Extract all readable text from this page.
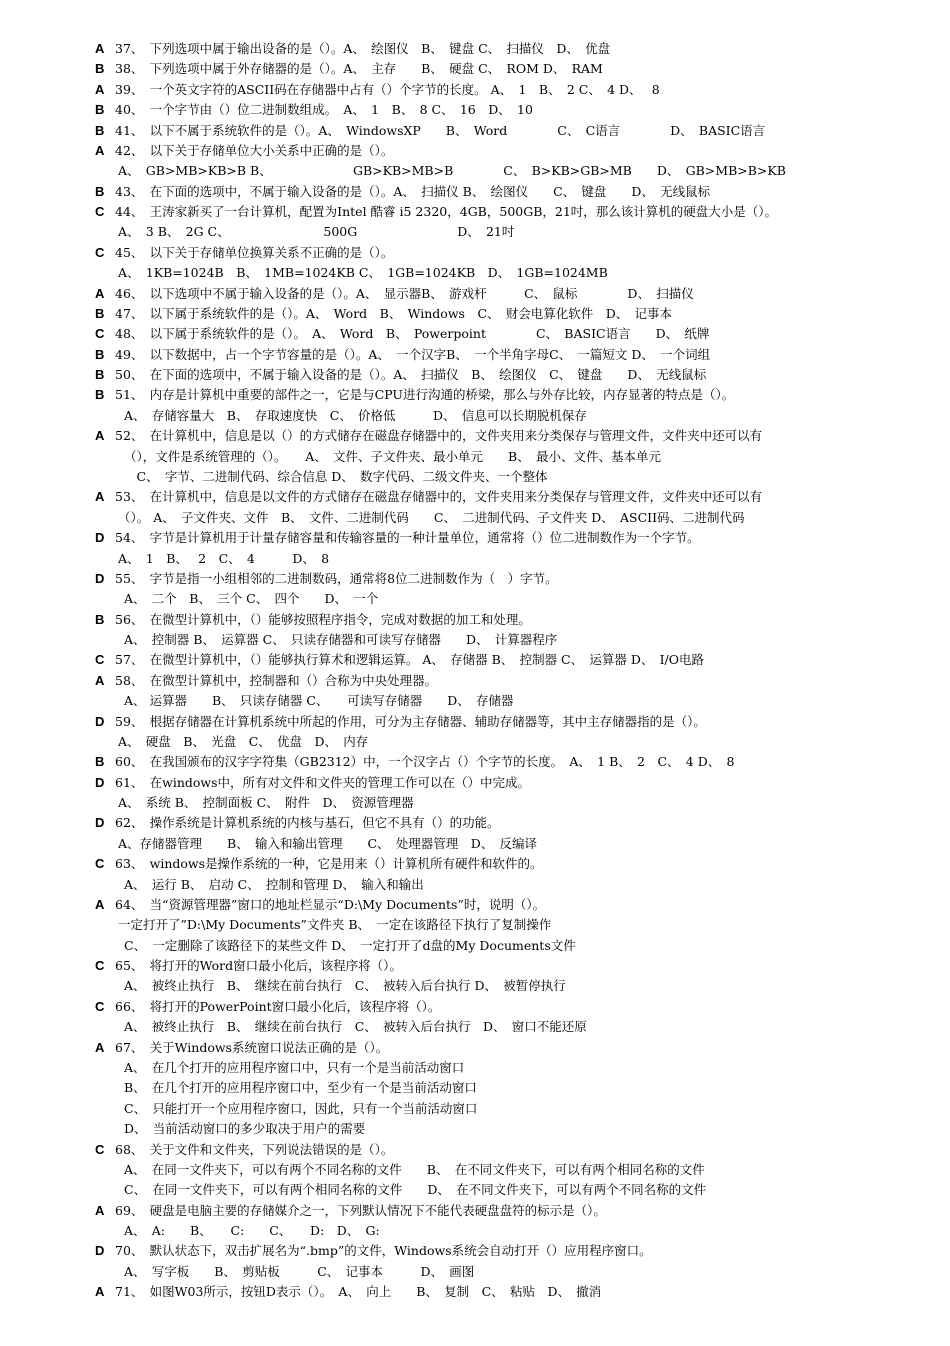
A 37、　下列选项中属于输出设备的是（）。A、　绘图仪　B、　键盘 C、　扫描仪　D、　优盘
B 38、　下列选项中属于外存储器的是（）。A、　主存　　B、　硬盘 C、　ROM D、　RAM
A 39、　一个英文字符的ASCII码在存储器中占有（）个字节的长度。 A、　1　B、　2 C、　4 D、　 8
B 40、　一个字节由（）位二进制数组成。　A、　1　B、　8 C、　16　D、　10
B 41、　以下不属于系统软件的是（）。A、　WindowsXP　　B、　Word　　　　C、　C语言　　　　D、　BASIC语言
A 42、　以下关于存储单位大小关系中正确的是（）。
A、　GB>MB>KB>B B、　　　　　　　GB>KB>MB>B　　　　C、　B>KB>GB>MB　　D、　GB>MB>B>KB
B 43、　在下面的选项中，不属于输入设备的是（）。A、　扫描仪 B、　绘图仪　　C、　键盘　　D、　无线鼠标
C 44、　王涛家新买了一台计算机，配置为Intel 酷睿 i5 2320，4GB，500GB，21吋，那么该计算机的硬盘大小是（）。
A、　3 B、　2G C、　　　　　　　　500G　　　　　　　　D、　21吋
C 45、　以下关于存储单位换算关系不正确的是（）。
A、　1KB=1024B　B、　1MB=1024KB C、　1GB=1024KB　D、　1GB=1024MB
A 46、　以下选项中不属于输入设备的是（）。A、　显示器B、　游戏杆　　　C、　鼠标　　　　D、　扫描仪
B 47、　以下属于系统软件的是（）。A、　Word　B、　Windows　C、　财会电算化软件　D、　记事本
C 48、　以下属于系统软件的是（）。　A、　Word　B、　Powerpoint　　　　C、　BASIC语言　　D、　纸牌
B 49、　以下数据中，占一个字节容量的是（）。A、　一个汉字B、　一个半角字母C、　一篇短文 D、　一个词组
B 50、　在下面的选项中，不属于输入设备的是（）。A、　扫描仪　B、　绘图仪　C、　键盘　　D、　无线鼠标
B 51、　内存是计算机中重要的部件之一，它是与CPU进行沟通的桥梁，那么与外存比较，内存显著的特点是（）。
A、　存储容量大　B、　存取速度快　C、　价格低　　　D、　信息可以长期脱机保存
A 52、　在计算机中，信息是以（）的方式储存在磁盘存储器中的，文件夹用来分类保存与管理文件，文件夹中还可以有
（），文件是系统管理的（）。　　A、　文件、子文件夹、最小单元　　B、　最小、文件、基本单元
　C、　字节、二进制代码、综合信息 D、　数字代码、二级文件夹、一个整体
A 53、　在计算机中，信息是以文件的方式储存在磁盘存储器中的，文件夹用来分类保存与管理文件，文件夹中还可以有
（）。 A、　子文件夹、文件　B、　文件、二进制代码　　C、　二进制代码、子文件夹 D、　ASCII码、二进制代码
D 54、　字节是计算机用于计量存储容量和传输容量的一种计量单位，通常将（）位二进制数作为一个字节。
A、　1　B、　 2　C、　4　　　D、　8
D 55、　字节是指一小组相邻的二进制数码，通常将8位二进制数作为（　）字节。
A、　二个　B、　三个 C、　四个　　D、　一个
B 56、　在微型计算机中，（）能够按照程序指令，完成对数据的加工和处理。
A、　控制器 B、　运算器 C、　只读存储器和可读写存储器　　D、　计算器程序
C 57、　在微型计算机中，（）能够执行算术和逻辑运算。 A、　存储器 B、　控制器 C、　运算器 D、　I/O电路
A 58、　在微型计算机中，控制器和（）合称为中央处理器。
A、 运算器　　B、　只读存储器 C、　　可读写存储器　　D、　存储器
D 59、　根据存储器在计算机系统中所起的作用，可分为主存储器、辅助存储器等，其中主存储器指的是（）。
A、　硬盘　B、　光盘　C、　优盘　D、　内存
B 60、　在我国颁布的汉字字符集（GB2312）中，一个汉字占（）个字节的长度。　A、　1 B、　2　C、　4 D、　8
D 61、　在windows中，所有对文件和文件夹的管理工作可以在（）中完成。
A、　系统 B、　控制面板 C、　附件　D、　资源管理器
D 62、　操作系统是计算机系统的内核与基石，但它不具有（）的功能。
A、存储器管理　　B、　输入和输出管理　　C、　处理器管理　D、　反编译
C 63、　windows是操作系统的一种，它是用来（）计算机所有硬件和软件的。
A、　运行 B、　启动 C、　控制和管理 D、　输入和输出
A 64、　当“资源管理器”窗口的地址栏显示“D:\My Documents”时，说明（）。
一定打开了”D:\My Documents”文件夹 B、　一定在该路径下执行了复制操作
C、　一定删除了该路径下的某些文件 D、　一定打开了d盘的My Documents文件
C 65、　将打开的Word窗口最小化后，该程序将（）。
A、　被终止执行　B、　继续在前台执行　C、　被转入后台执行 D、　被暂停执行
C 66、　将打开的PowerPoint窗口最小化后，该程序将（）。
A、　被终止执行　B、　继续在前台执行　C、　被转入后台执行　D、　窗口不能还原
A 67、　关于Windows系统窗口说法正确的是（）。
A、　在几个打开的应用程序窗口中，只有一个是当前活动窗口
B、　在几个打开的应用程序窗口中，至少有一个是当前活动窗口
C、　只能打开一个应用程序窗口，因此，只有一个当前活动窗口
D、　当前活动窗口的多少取决于用户的需要
C 68、　关于文件和文件夹，下列说法错误的是（）。
A、　在同一文件夹下，可以有两个不同名称的文件　　B、　在不同文件夹下，可以有两个相同名称的文件
C、　在同一文件夹下，可以有两个相同名称的文件　　D、　在不同文件夹下，可以有两个不同名称的文件
A 69、　硬盘是电脑主要的存储媒介之一，下列默认情况下不能代表硬盘盘符的标示是（）。
A、　A:　　B、　　C:　　C、　　D:　D、　G:
D 70、　默认状态下，双击扩展名为“.bmp”的文件，Windows系统会自动打开（）应用程序窗口。
A、　写字板　　B、　剪贴板　　　C、　记事本　　　D、　画图
A 71、　如图W03所示，按钮D表示（）。　A、　向上　　B、　复制　C、　粘贴　D、　撤消
